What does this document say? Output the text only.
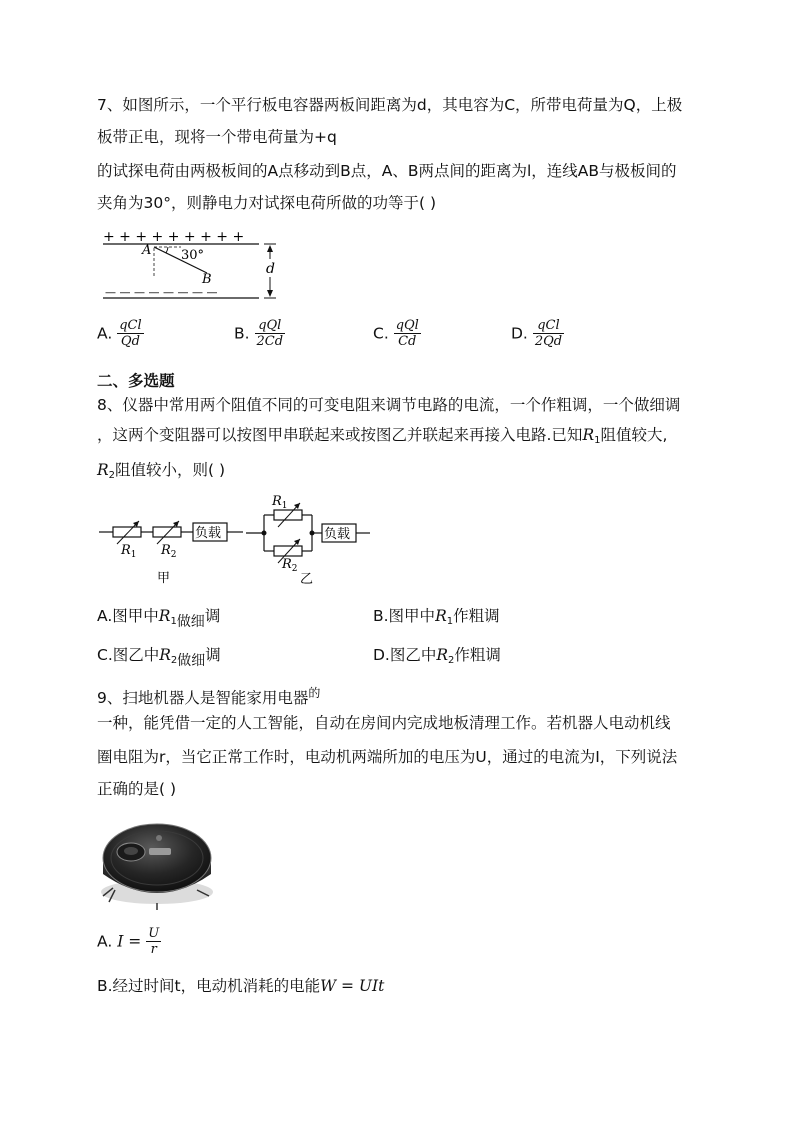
7、如图所示，一个平行板电容器两板间距离为d，其电容为C，所带电荷量为Q，上极
板带正电，现将一个带电荷量为+q
的试探电荷由两极板间的A点移动到B点，A、B两点间的距离为l，连线AB与极板间的
夹角为30°，则静电力对试探电荷所做的功等于( )
+ + + + + + + + +
— — — — — — — —
A 30°
B
d
A. $\frac{\text{qCl}}{Qd}$	B. $\frac{\text{qQl}}{2Cd}$	C. $\frac{\text{qQl}}{Cd}$	D. $\frac{\text{qCl}}{2Qd}$
二、多选题
8、仪器中常用两个阻值不同的可变电阻来调节电路的电流，一个作粗调，一个做细调
，这两个变阻器可以按图甲串联起来或按图乙并联起来再接入电路.已知$R_1$阻值较大,
$R_2$阻值较小，则( )
负载
$R_1$ $R_2$
甲
负载
$R_1$
$R_2$
乙
A.图甲中$R_1$做细调	B.图甲中$R_1$作粗调
C.图乙中$R_2$做细调	D.图乙中$R_2$作粗调
9、扫地机器人是智能家用电器$^的$
一种，能凭借一定的人工智能，自动在房间内完成地板清理工作。若机器人电动机线
圈电阻为r，当它正常工作时，电动机两端所加的电压为U，通过的电流为I，下列说法
正确的是( )
A. $I = \frac{U}{r}$
B.经过时间t，电动机消耗的电能W = UIt
